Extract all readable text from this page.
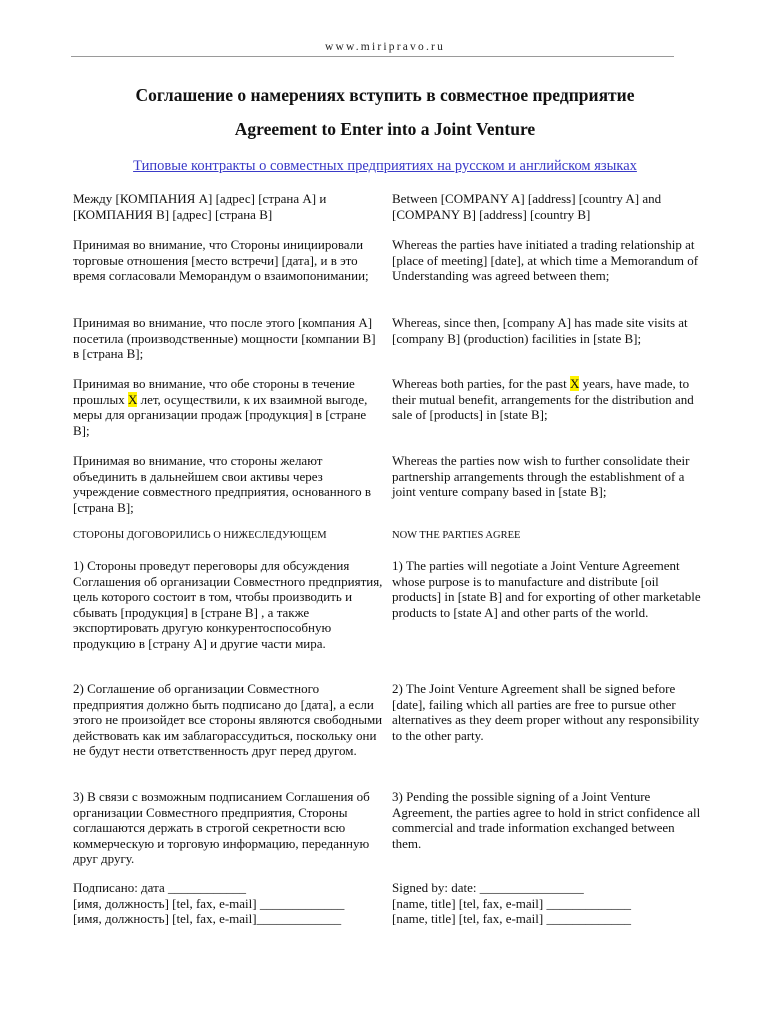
www.miripravo.ru
Соглашение о намерениях вступить в совместное предприятие
Agreement to Enter into a Joint Venture
Типовые контракты о совместных предприятиях на русском и английском языках

Между [КОМПАНИЯ А] [адрес] [страна А] и [КОМПАНИЯ В] [адрес] [страна В]

Принимая во внимание, что Стороны инициировали торговые отношения [место встречи] [дата], и в это время согласовали Меморандум о взаимопонимании;

Принимая во внимание, что после этого [компания А] посетила (производственные) мощности [компании В] в [страна В];

Принимая во внимание, что обе стороны в течение прошлых X лет, осуществили, к их взаимной выгоде, меры для организации продаж [продукция] в [стране В];

Принимая во внимание, что стороны желают объединить в дальнейшем свои активы через учреждение совместного предприятия, основанного в [страна В];

СТОРОНЫ ДОГОВОРИЛИСЬ О НИЖЕСЛЕДУЮЩЕМ

1) Стороны проведут переговоры для обсуждения Соглашения об организации Совместного предприятия, цель которого состоит в том, чтобы производить и сбывать [продукция] в [стране В] , а также экспортировать другую конкурентоспособную продукцию в [страну А] и другие части мира.

2) Соглашение об организации Совместного предприятия должно быть подписано до [дата], а если этого не произойдет все стороны являются свободными действовать как им заблагорассудиться, поскольку они не будут нести ответственность друг перед другом.

3) В связи с возможным подписанием Соглашения об организации Совместного предприятия, Стороны соглашаются держать в строгой секретности всю коммерческую и торговую информацию, переданную друг другу.

Подписано: дата ____________
[имя, должность] [tel, fax, e-mail] _____________
[имя, должность] [tel, fax, e-mail]_____________

Between [COMPANY A] [address] [country A] and [COMPANY B] [address] [country B]

Whereas the parties have initiated a trading relationship at [place of meeting] [date], at which time a Memorandum of Understanding was agreed between them;

Whereas, since then, [company A] has made site visits at [company B] (production) facilities in [state B];

Whereas both parties, for the past X years, have made, to their mutual benefit, arrangements for the distribution and sale of [products] in [state B];

Whereas the parties now wish to further consolidate their partnership arrangements through the establishment of a joint venture company based in [state B];

NOW THE PARTIES AGREE

1) The parties will negotiate a Joint Venture Agreement whose purpose is to manufacture and distribute [oil products] in [state B] and for exporting of other marketable products to [state A] and other parts of the world.

2) The Joint Venture Agreement shall be signed before [date], failing which all parties are free to pursue other alternatives as they deem proper without any responsibility to the other party.

3) Pending the possible signing of a Joint Venture Agreement, the parties agree to hold in strict confidence all commercial and trade information exchanged between them.

Signed by: date: ________________
[name, title] [tel, fax, e-mail] _____________
[name, title] [tel, fax, e-mail] _____________
